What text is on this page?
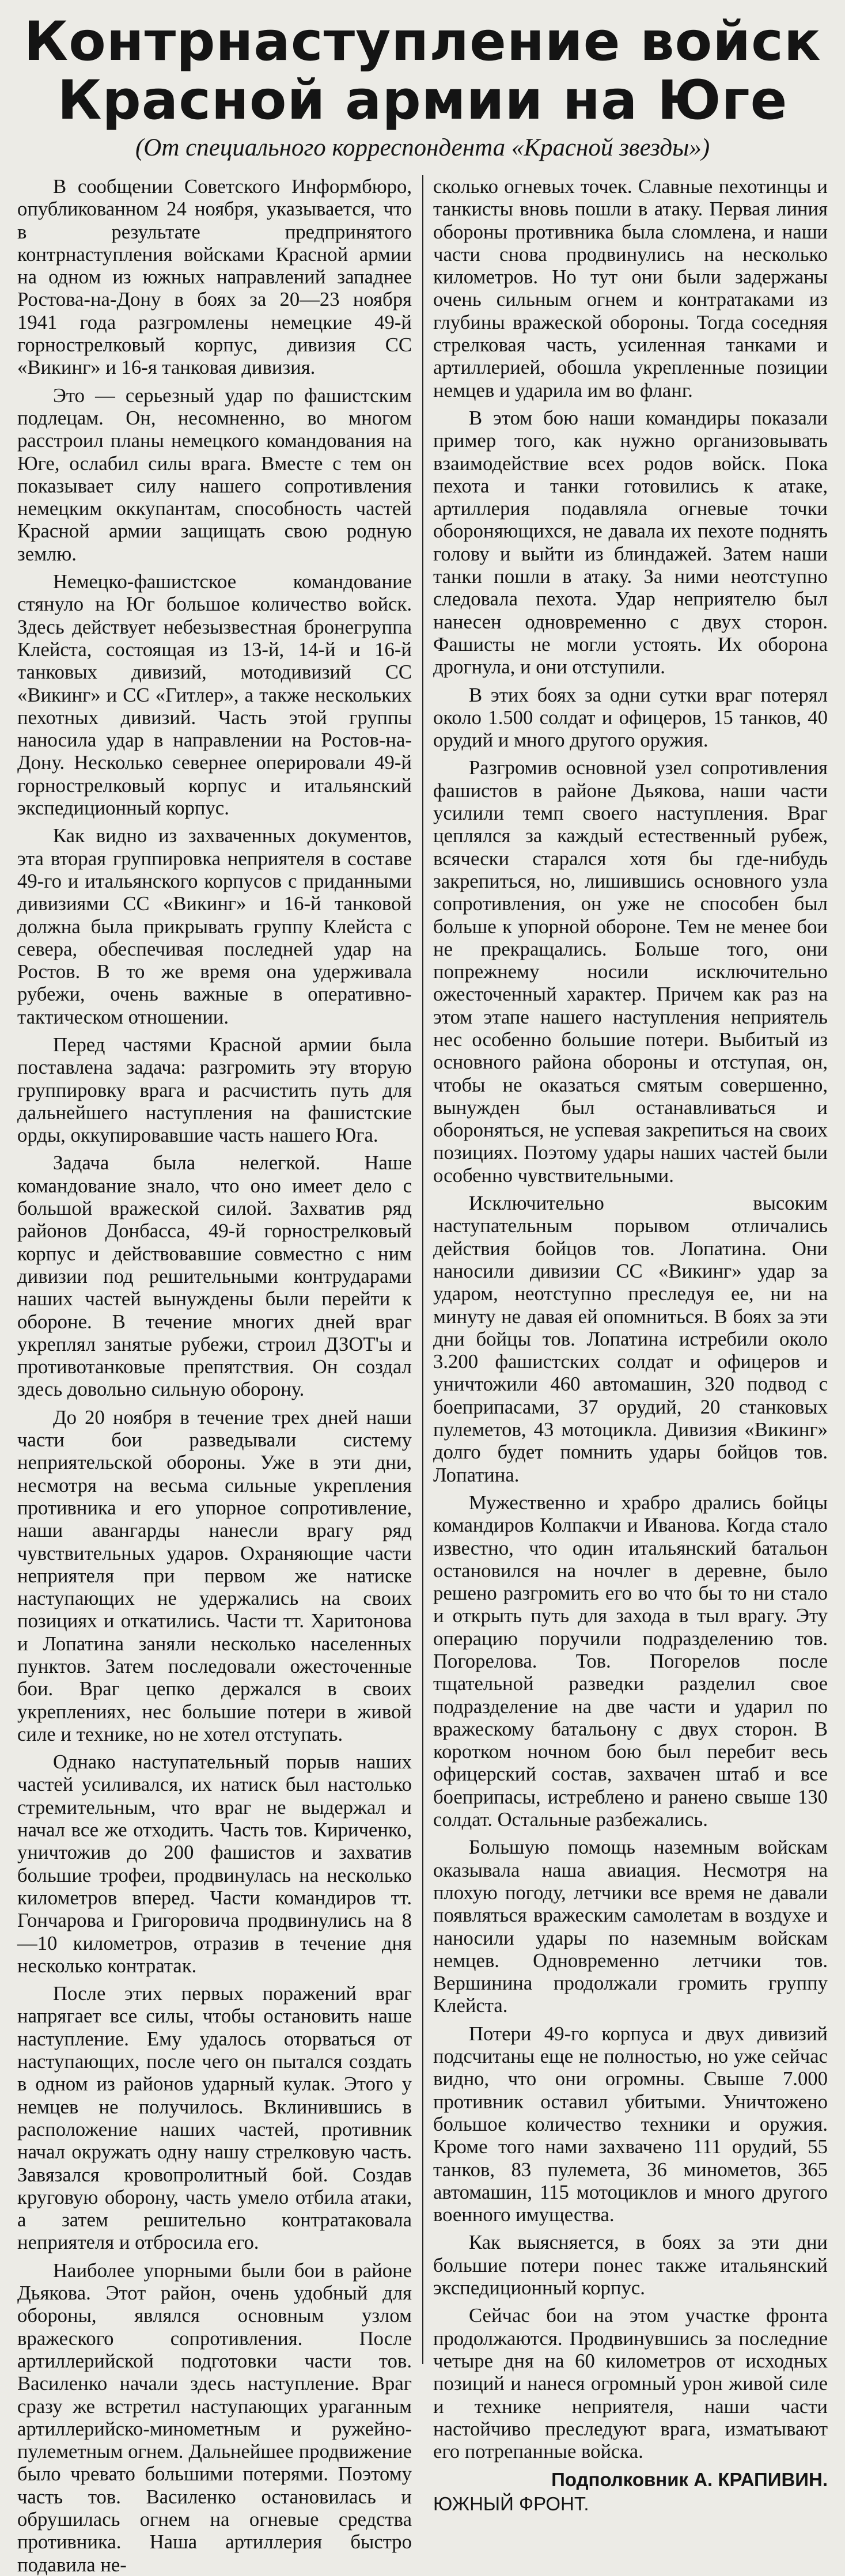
Контрнаступление войск
Красной армии на Юге
(От специального корреспондента «Красной звезды»)

В сообщении Советского Информбюро, опубликованном 24 ноября, указывается, что в результате предпринятого контрнаступления войсками Красной армии на одном из южных направлений западнее Ростова-на-Дону в боях за 20—23 ноября 1941 года разгромлены немецкие 49-й горнострелковый корпус, дивизия СС «Викинг» и 16-я танковая дивизия.

Это — серьезный удар по фашистским подлецам. Он, несомненно, во многом расстроил планы немецкого командования на Юге, ослабил силы врага. Вместе с тем он показывает силу нашего сопротивления немецким оккупантам, способность частей Красной армии защищать свою родную землю.

Немецко-фашистское командование стянуло на Юг большое количество войск. Здесь действует небезызвестная бронегруппа Клейста, состоящая из 13-й, 14-й и 16-й танковых дивизий, мотодивизий СС «Викинг» и СС «Гитлер», а также нескольких пехотных дивизий. Часть этой группы наносила удар в направлении на Ростов-на-Дону. Несколько севернее оперировали 49-й горнострелковый корпус и итальянский экспедиционный корпус.

Как видно из захваченных документов, эта вторая группировка неприятеля в составе 49-го и итальянского корпусов с приданными дивизиями СС «Викинг» и 16-й танковой должна была прикрывать группу Клейста с севера, обеспечивая последней удар на Ростов. В то же время она удерживала рубежи, очень важные в оперативно-тактическом отношении.

Перед частями Красной армии была поставлена задача: разгромить эту вторую группировку врага и расчистить путь для дальнейшего наступления на фашистские орды, оккупировавшие часть нашего Юга.

Задача была нелегкой. Наше командование знало, что оно имеет дело с большой вражеской силой. Захватив ряд районов Донбасса, 49-й горнострелковый корпус и действовавшие совместно с ним дивизии под решительными контрударами наших частей вынуждены были перейти к обороне. В течение многих дней враг укреплял занятые рубежи, строил ДЗОТ'ы и противотанковые препятствия. Он создал здесь довольно сильную оборону.

До 20 ноября в течение трех дней наши части бои разведывали систему неприятельской обороны. Уже в эти дни, несмотря на весьма сильные укрепления противника и его упорное сопротивление, наши авангарды нанесли врагу ряд чувствительных ударов. Охраняющие части неприятеля при первом же натиске наступающих не удержались на своих позициях и откатились. Части тт. Харитонова и Лопатина заняли несколько населенных пунктов. Затем последовали ожесточенные бои. Враг цепко держался в своих укреплениях, нес большие потери в живой силе и технике, но не хотел отступать.

Однако наступательный порыв наших частей усиливался, их натиск был настолько стремительным, что враг не выдержал и начал все же отходить. Часть тов. Кириченко, уничтожив до 200 фашистов и захватив большие трофеи, продвинулась на несколько километров вперед. Части командиров тт. Гончарова и Григоровича продвинулись на 8—10 километров, отразив в течение дня несколько контратак.

После этих первых поражений враг напрягает все силы, чтобы остановить наше наступление. Ему удалось оторваться от наступающих, после чего он пытался создать в одном из районов ударный кулак. Этого у немцев не получилось. Вклинившись в расположение наших частей, противник начал окружать одну нашу стрелковую часть. Завязался кровопролитный бой. Создав круговую оборону, часть умело отбила атаки, а затем решительно контратаковала неприятеля и отбросила его.

Наиболее упорными были бои в районе Дьякова. Этот район, очень удобный для обороны, являлся основным узлом вражеского сопротивления. После артиллерийской подготовки части тов. Василенко начали здесь наступление. Враг сразу же встретил наступающих ураганным артиллерийско-минометным и ружейно-пулеметным огнем. Дальнейшее продвижение было чревато большими потерями. Поэтому часть тов. Василенко остановилась и обрушилась огнем на огневые средства противника. Наша артиллерия быстро подавила не-

сколько огневых точек. Славные пехотинцы и танкисты вновь пошли в атаку. Первая линия обороны противника была сломлена, и наши части снова продвинулись на несколько километров. Но тут они были задержаны очень сильным огнем и контратаками из глубины вражеской обороны. Тогда соседняя стрелковая часть, усиленная танками и артиллерией, обошла укрепленные позиции немцев и ударила им во фланг.

В этом бою наши командиры показали пример того, как нужно организовывать взаимодействие всех родов войск. Пока пехота и танки готовились к атаке, артиллерия подавляла огневые точки обороняющихся, не давала их пехоте поднять голову и выйти из блиндажей. Затем наши танки пошли в атаку. За ними неотступно следовала пехота. Удар неприятелю был нанесен одновременно с двух сторон. Фашисты не могли устоять. Их оборона дрогнула, и они отступили.

В этих боях за одни сутки враг потерял около 1.500 солдат и офицеров, 15 танков, 40 орудий и много другого оружия.

Разгромив основной узел сопротивления фашистов в районе Дьякова, наши части усилили темп своего наступления. Враг цеплялся за каждый естественный рубеж, всячески старался хотя бы где-нибудь закрепиться, но, лишившись основного узла сопротивления, он уже не способен был больше к упорной обороне. Тем не менее бои не прекращались. Больше того, они попрежнему носили исключительно ожесточенный характер. Причем как раз на этом этапе нашего наступления неприятель нес особенно большие потери. Выбитый из основного района обороны и отступая, он, чтобы не оказаться смятым совершенно, вынужден был останавливаться и обороняться, не успевая закрепиться на своих позициях. Поэтому удары наших частей были особенно чувствительными.

Исключительно высоким наступательным порывом отличались действия бойцов тов. Лопатина. Они наносили дивизии СС «Викинг» удар за ударом, неотступно преследуя ее, ни на минуту не давая ей опомниться. В боях за эти дни бойцы тов. Лопатина истребили около 3.200 фашистских солдат и офицеров и уничтожили 460 автомашин, 320 подвод с боеприпасами, 37 орудий, 20 станковых пулеметов, 43 мотоцикла. Дивизия «Викинг» долго будет помнить удары бойцов тов. Лопатина.

Мужественно и храбро дрались бойцы командиров Колпакчи и Иванова. Когда стало известно, что один итальянский батальон остановился на ночлег в деревне, было решено разгромить его во что бы то ни стало и открыть путь для захода в тыл врагу. Эту операцию поручили подразделению тов. Погорелова. Тов. Погорелов после тщательной разведки разделил свое подразделение на две части и ударил по вражескому батальону с двух сторон. В коротком ночном бою был перебит весь офицерский состав, захвачен штаб и все боеприпасы, истреблено и ранено свыше 130 солдат. Остальные разбежались.

Большую помощь наземным войскам оказывала наша авиация. Несмотря на плохую погоду, летчики все время не давали появляться вражеским самолетам в воздухе и наносили удары по наземным войскам немцев. Одновременно летчики тов. Вершинина продолжали громить группу Клейста.

Потери 49-го корпуса и двух дивизий подсчитаны еще не полностью, но уже сейчас видно, что они огромны. Свыше 7.000 противник оставил убитыми. Уничтожено большое количество техники и оружия. Кроме того нами захвачено 111 орудий, 55 танков, 83 пулемета, 36 минометов, 365 автомашин, 115 мотоциклов и много другого военного имущества.

Как выясняется, в боях за эти дни большие потери понес также итальянский экспедиционный корпус.

Сейчас бои на этом участке фронта продолжаются. Продвинувшись за последние четыре дня на 60 километров от исходных позиций и нанеся огромный урон живой силе и технике неприятеля, наши части настойчиво преследуют врага, изматывают его потрепанные войска.

Подполковник А. КРАПИВИН.
ЮЖНЫЙ ФРОНТ.
